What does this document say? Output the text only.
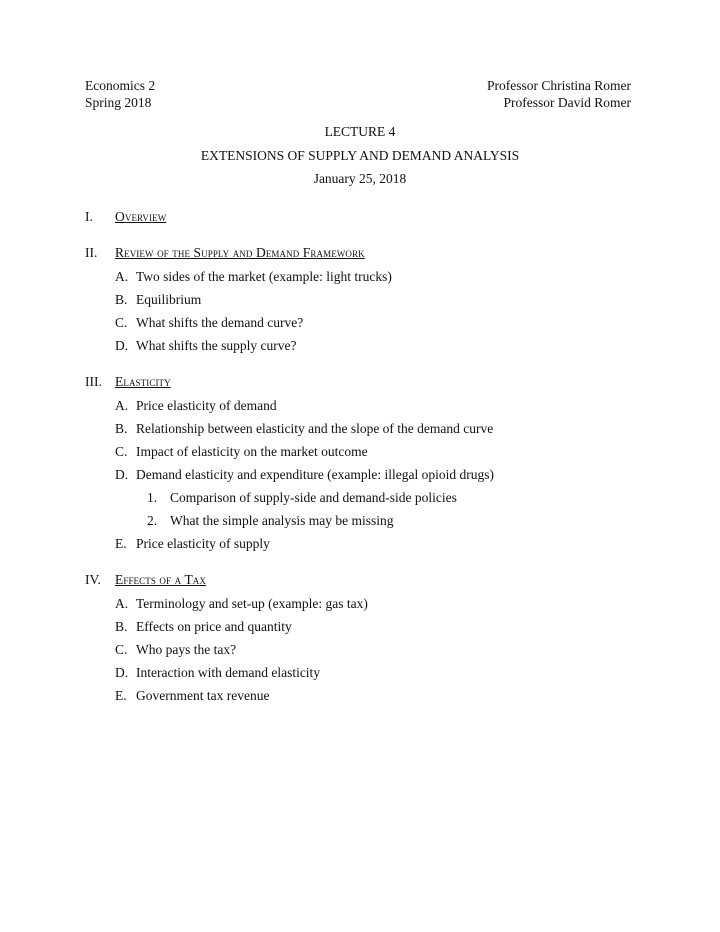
Economics 2
Spring 2018
Professor Christina Romer
Professor David Romer
LECTURE 4
EXTENSIONS OF SUPPLY AND DEMAND ANALYSIS
January 25, 2018
I. Overview
II. Review of the Supply and Demand Framework
A. Two sides of the market (example: light trucks)
B. Equilibrium
C. What shifts the demand curve?
D. What shifts the supply curve?
III. Elasticity
A. Price elasticity of demand
B. Relationship between elasticity and the slope of the demand curve
C. Impact of elasticity on the market outcome
D. Demand elasticity and expenditure (example: illegal opioid drugs)
1. Comparison of supply-side and demand-side policies
2. What the simple analysis may be missing
E. Price elasticity of supply
IV. Effects of a Tax
A. Terminology and set-up (example: gas tax)
B. Effects on price and quantity
C. Who pays the tax?
D. Interaction with demand elasticity
E. Government tax revenue
